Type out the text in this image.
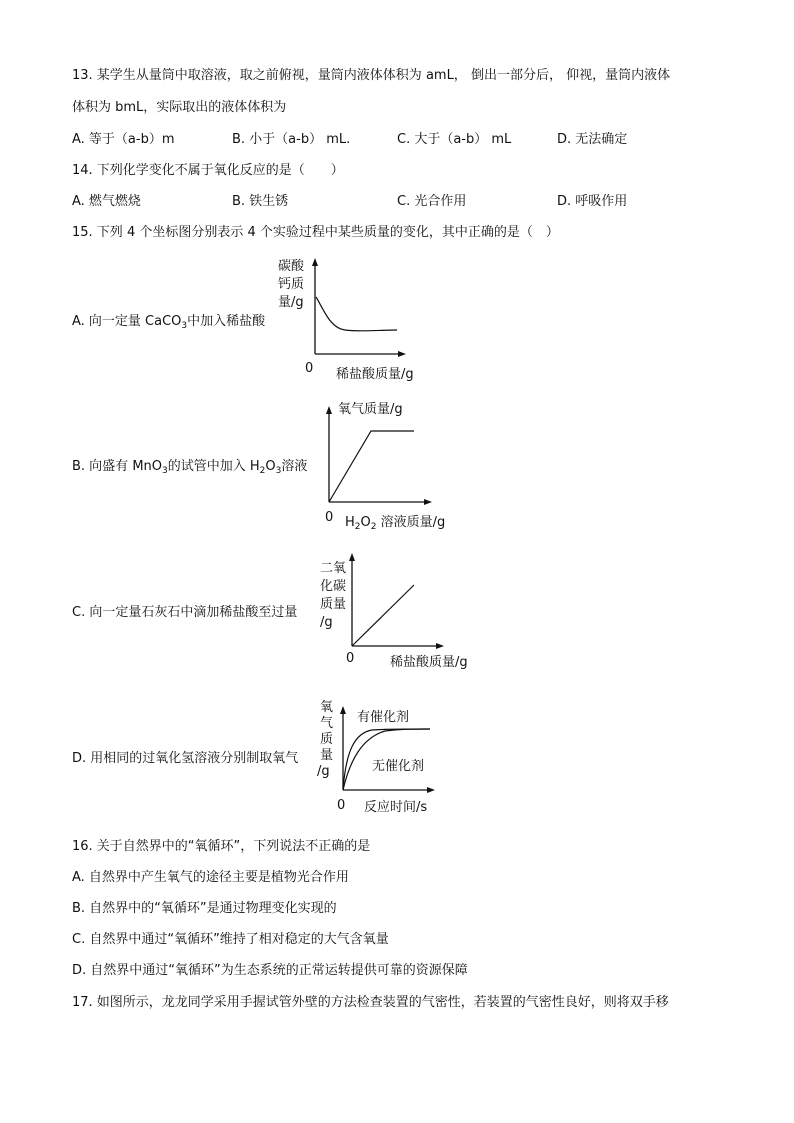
13. 某学生从量筒中取溶液，取之前俯视，量筒内液体体积为 amL， 倒出一部分后， 仰视，量筒内液体
体积为 bmL，实际取出的液体体积为
A. 等于（a-b）m	B. 小于（a-b） mL.	C. 大于（a-b） mL	D. 无法确定
14. 下列化学变化不属于氧化反应的是（　　）
A. 燃气燃烧	B. 铁生锈	C. 光合作用	D. 呼吸作用
15. 下列 4 个坐标图分别表示 4 个实验过程中某些质量的变化，其中正确的是（　）
A. 向一定量 CaCO$_3$中加入稀盐酸
碳酸
钙质
量/g
0 稀盐酸质量/g
B. 向盛有 MnO$_3$的试管中加入 $H_2O_3$溶液
氧气质量/g
0 $H_2O_2$ 溶液质量/g
C. 向一定量石灰石中滴加稀盐酸至过量
二氧
化碳
质量
/g
0	稀盐酸质量/g
D. 用相同的过氧化氢溶液分别制取氧气
氧
气
质
量
/g
有催化剂
无催化剂
0 反应时间/s
16. 关于自然界中的“氧循环”，下列说法不正确的是
A. 自然界中产生氧气的途径主要是植物光合作用
B. 自然界中的“氧循环”是通过物理变化实现的
C. 自然界中通过“氧循环”维持了相对稳定的大气含氧量
D. 自然界中通过“氧循环”为生态系统的正常运转提供可靠的资源保障
17. 如图所示，龙龙同学采用手握试管外壁的方法检查装置的气密性，若装置的气密性良好，则将双手移
